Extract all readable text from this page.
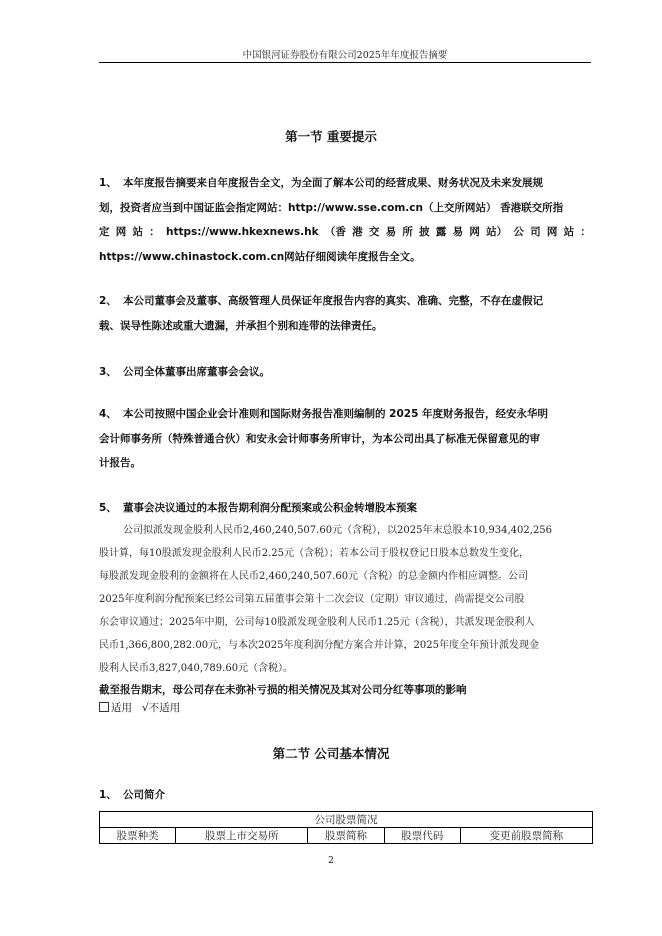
中国银河证券股份有限公司2025年年度报告摘要
第一节 重要提示
1、 本年度报告摘要来自年度报告全文，为全面了解本公司的经营成果、财务状况及未来发展规
划，投资者应当到中国证监会指定网站：http://www.sse.com.cn（上交所网站） 香港联交所指
定 网 站 ： https://www.hkexnews.hk （香 港 交 易 所 披 露 易 网 站） 公 司 网 站 ：
https://www.chinastock.com.cn网站仔细阅读年度报告全文。
2、 本公司董事会及董事、高级管理人员保证年度报告内容的真实、准确、完整，不存在虚假记
载、误导性陈述或重大遗漏，并承担个别和连带的法律责任。
3、 公司全体董事出席董事会会议。
4、 本公司按照中国企业会计准则和国际财务报告准则编制的 2025 年度财务报告，经安永华明
会计师事务所（特殊普通合伙）和安永会计师事务所审计，为本公司出具了标准无保留意见的审
计报告。
5、 董事会决议通过的本报告期利润分配预案或公积金转增股本预案
公司拟派发现金股利人民币2,460,240,507.60元（含税），以2025年末总股本10,934,402,256
股计算，每10股派发现金股利人民币2.25元（含税）；若本公司于股权登记日股本总数发生变化，
每股派发现金股利的金额将在人民币2,460,240,507.60元（含税）的总金额内作相应调整。公司
2025年度利润分配预案已经公司第五届董事会第十二次会议（定期）审议通过，尚需提交公司股
东会审议通过；2025年中期，公司每10股派发现金股利人民币1.25元（含税），共派发现金股利人
民币1,366,800,282.00元，与本次2025年度利润分配方案合并计算，2025年度全年预计派发现金
股利人民币3,827,040,789.60元（含税）。
截至报告期末，母公司存在未弥补亏损的相关情况及其对公司分红等事项的影响
适用 √不适用
第二节 公司基本情况
1、 公司简介
公司股票简况
股票种类	股票上市交易所	股票简称	股票代码	变更前股票简称
2
